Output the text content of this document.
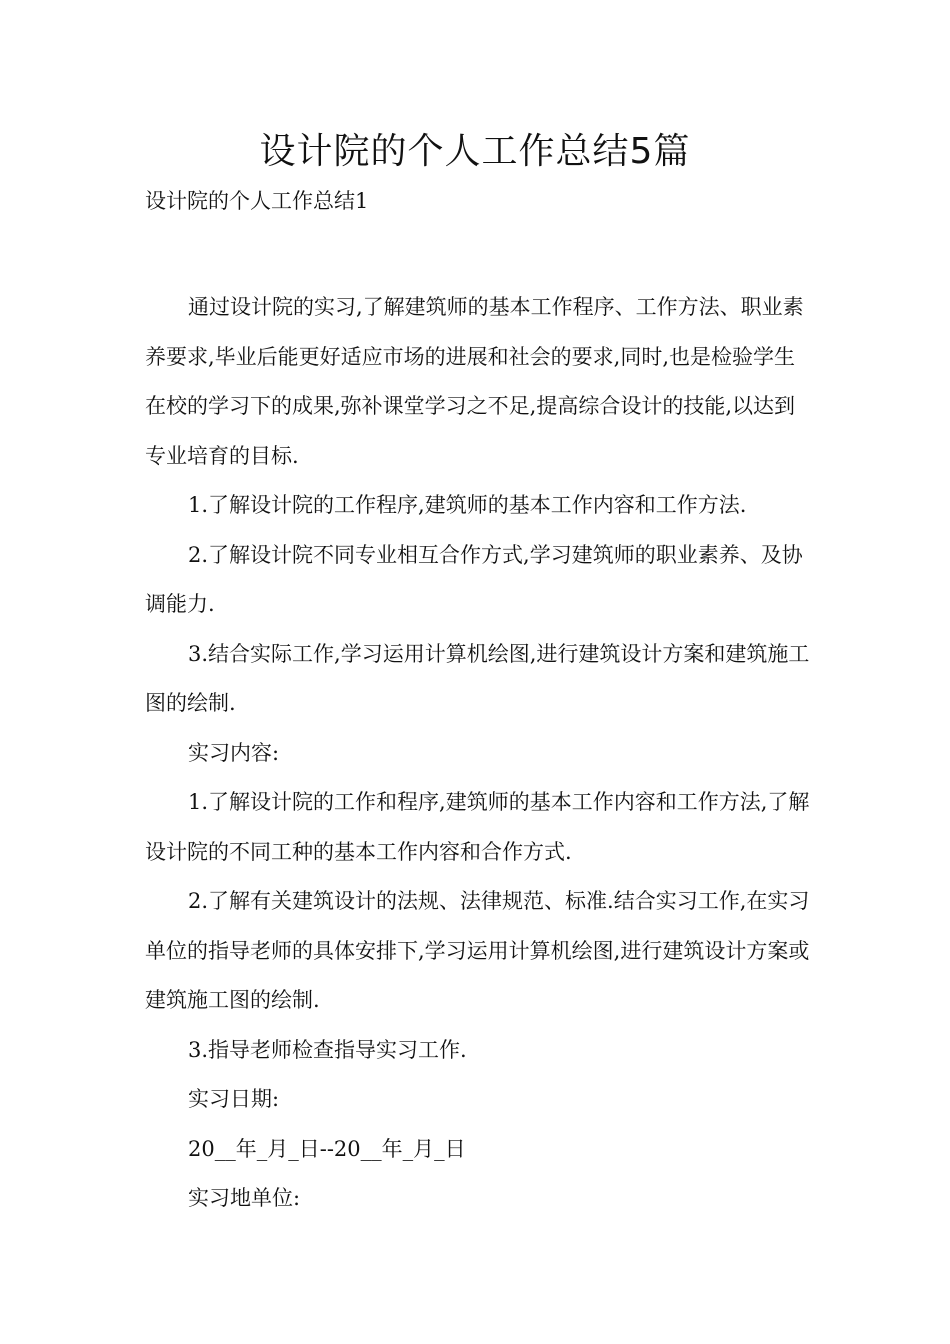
设计院的个人工作总结5篇
设计院的个人工作总结1

通过设计院的实习,了解建筑师的基本工作程序、工作方法、职业素养要求,毕业后能更好适应市场的进展和社会的要求,同时,也是检验学生在校的学习下的成果,弥补课堂学习之不足,提高综合设计的技能,以达到专业培育的目标.

1.了解设计院的工作程序,建筑师的基本工作内容和工作方法.

2.了解设计院不同专业相互合作方式,学习建筑师的职业素养、及协调能力.

3.结合实际工作,学习运用计算机绘图,进行建筑设计方案和建筑施工图的绘制.

实习内容:

1.了解设计院的工作和程序,建筑师的基本工作内容和工作方法,了解设计院的不同工种的基本工作内容和合作方式.

2.了解有关建筑设计的法规、法律规范、标准.结合实习工作,在实习单位的指导老师的具体安排下,学习运用计算机绘图,进行建筑设计方案或建筑施工图的绘制.

3.指导老师检查指导实习工作.

实习日期:

20__年_月_日--20__年_月_日

实习地单位:
